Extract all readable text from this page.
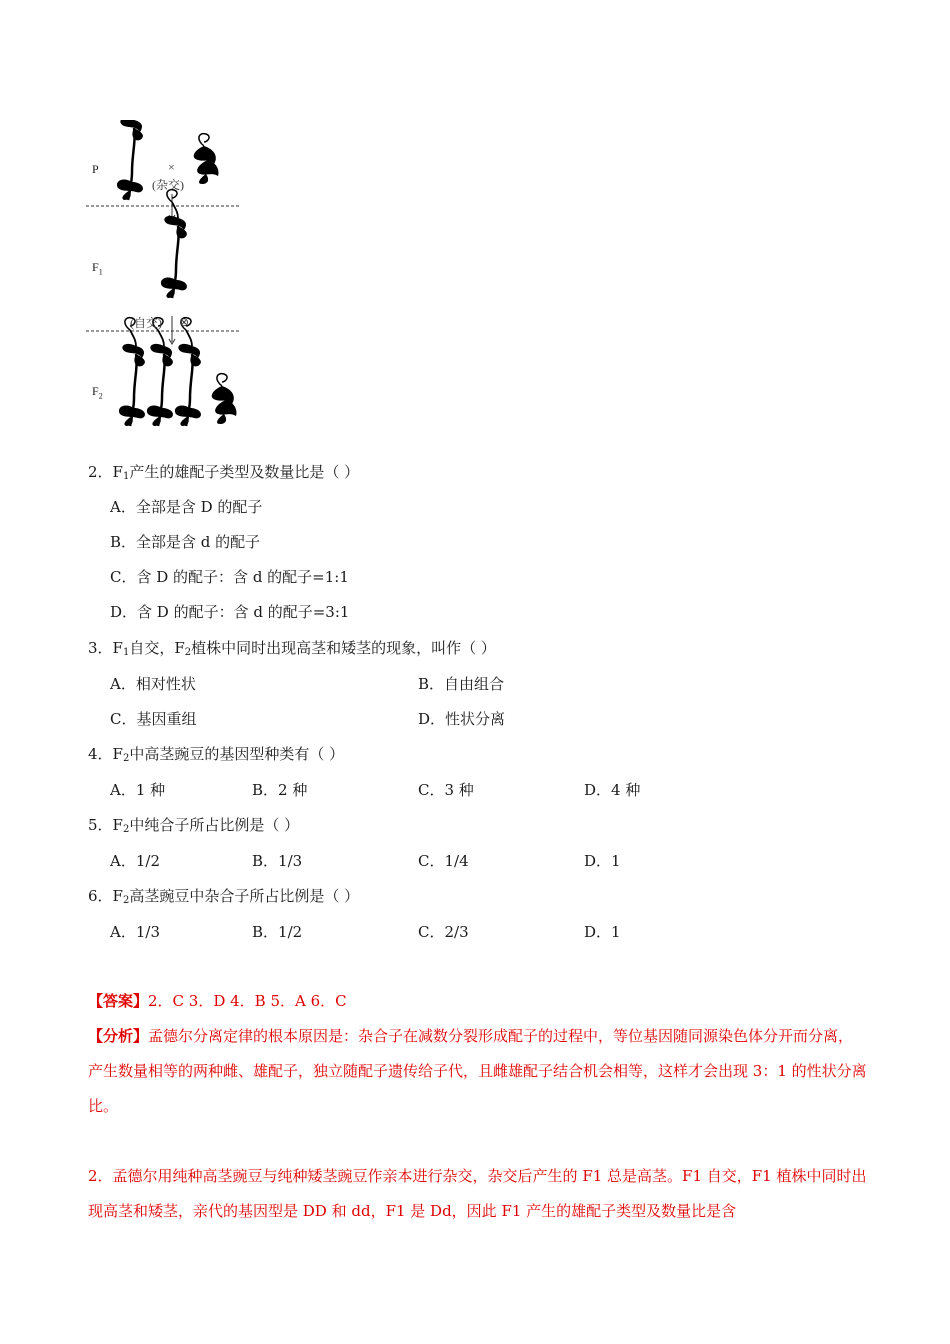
P
$F_1$
$F_2$
×
(杂交)
(自交) ⊗
2．$F_1$产生的雄配子类型及数量比是（ ）
A．全部是含 D 的配子
B．全部是含 d 的配子
C．含 D 的配子：含 d 的配子=1:1
D．含 D 的配子：含 d 的配子=3:1
3．$F_1$自交，$F_2$植株中同时出现高茎和矮茎的现象，叫作（ ）
A．相对性状	B．自由组合
C．基因重组	D．性状分离
4．$F_2$中高茎豌豆的基因型种类有（ ）
A．1 种	B．2 种	C．3 种	D．4 种
5．$F_2$中纯合子所占比例是（ ）
A．1/2	B．1/3	C．1/4	D．1
6．$F_2$高茎豌豆中杂合子所占比例是（ ）
A．1/3	B．1/2	C．2/3	D．1
【答案】2．C 3．D 4．B 5．A 6．C
【分析】孟德尔分离定律的根本原因是：杂合子在减数分裂形成配子的过程中，等位基因随同源染色体分开而分离，产生数量相等的两种雌、雄配子，独立随配子遗传给子代，且雌雄配子结合机会相等，这样才会出现 3：1 的性状分离比。
2．孟德尔用纯种高茎豌豆与纯种矮茎豌豆作亲本进行杂交，杂交后产生的 F1 总是高茎。F1 自交，F1 植株中同时出现高茎和矮茎，亲代的基因型是 DD 和 dd，F1 是 Dd，因此 F1 产生的雄配子类型及数量比是含
